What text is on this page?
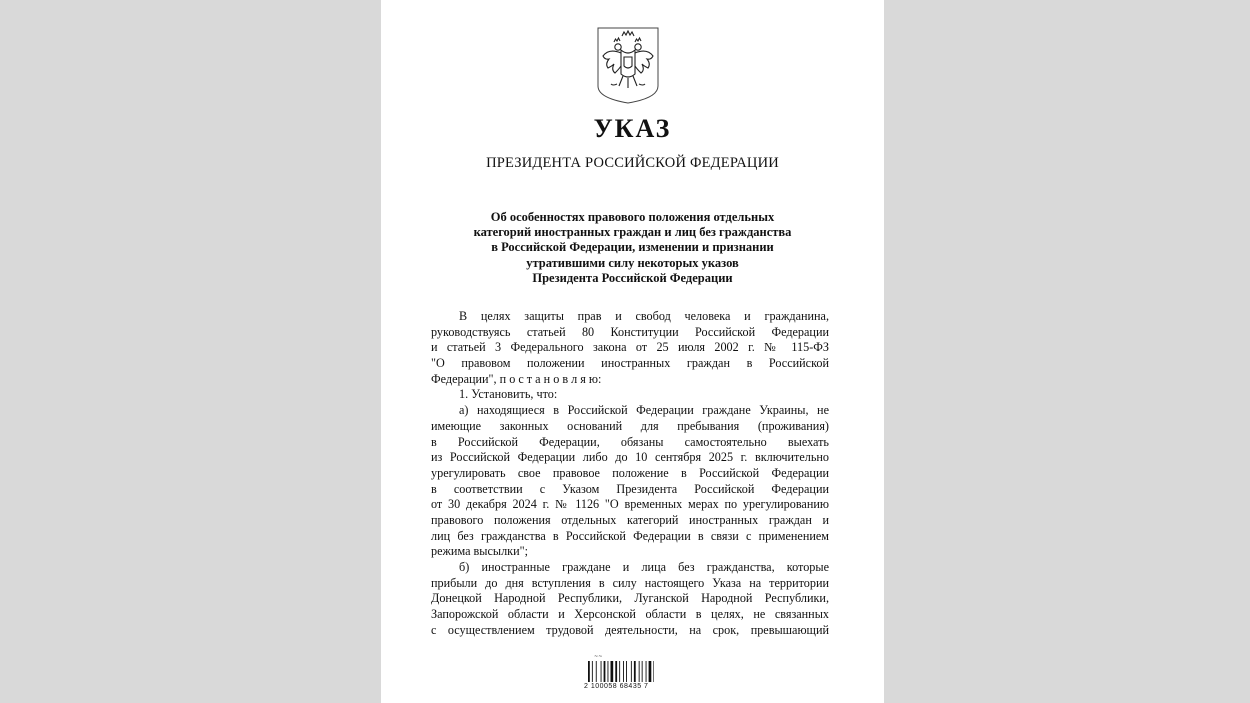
УКАЗ
ПРЕЗИДЕНТА РОССИЙСКОЙ ФЕДЕРАЦИИ
Об особенностях правового положения отдельных
категорий иностранных граждан и лиц без гражданства
в Российской Федерации, изменении и признании
утратившими силу некоторых указов
Президента Российской Федерации
В целях защиты прав и свобод человека и гражданина,
руководствуясь статьей 80 Конституции Российской Федерации
и статьей 3 Федерального закона от 25 июля 2002 г. № 115-ФЗ
"О правовом положении иностранных граждан в Российской
Федерации", п о с т а н о в л я ю:
1. Установить, что:
а) находящиеся в Российской Федерации граждане Украины, не
имеющие законных оснований для пребывания (проживания)
в Российской Федерации, обязаны самостоятельно выехать
из Российской Федерации либо до 10 сентября 2025 г. включительно
урегулировать свое правовое положение в Российской Федерации
в соответствии с Указом Президента Российской Федерации
от 30 декабря 2024 г. № 1126 "О временных мерах по урегулированию
правового положения отдельных категорий иностранных граждан и
лиц без гражданства в Российской Федерации в связи с применением
режима высылки";
б) иностранные граждане и лица без гражданства, которые
прибыли до дня вступления в силу настоящего Указа на территории
Донецкой Народной Республики, Луганской Народной Республики,
Запорожской области и Херсонской области в целях, не связанных
с осуществлением трудовой деятельности, на срок, превышающий
~~
2 100058 68435 7
